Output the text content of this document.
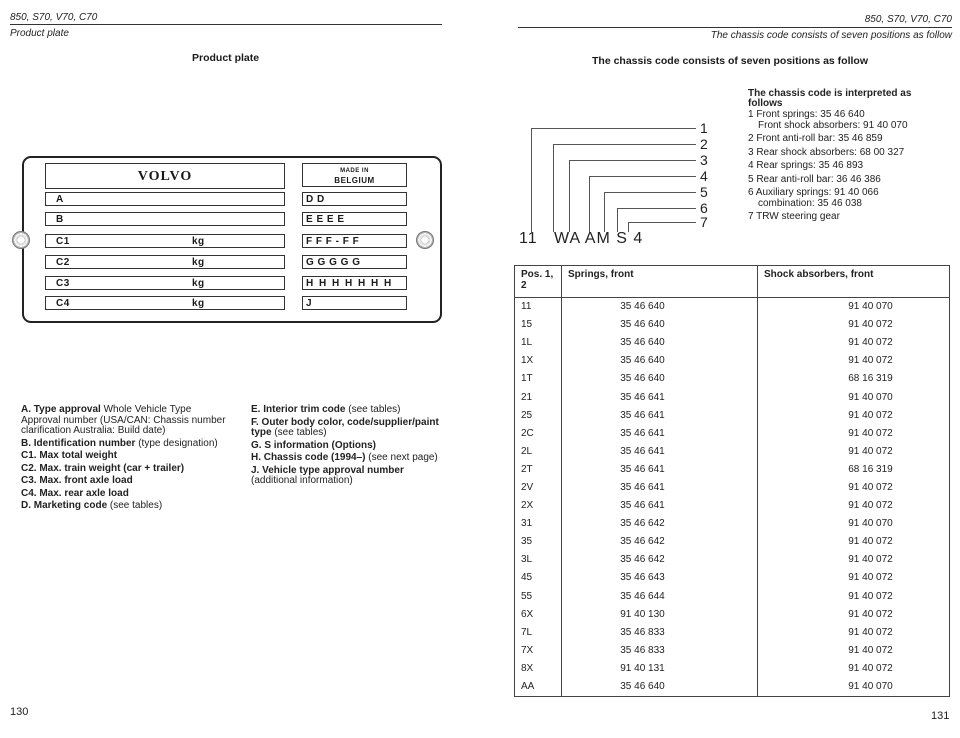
850, S70, V70, C70
Product plate
Product plate
VOLVO	MADE IN
BELGIUM
A
B
C1	kg
C2	kg
C3	kg
C4	kg
D D
E E E E
F F F - F F
G G G G G
H H H H H H H
J

A. Type approval Whole Vehicle Type Approval number (USA/CAN: Chassis number clarification Australia: Build date)

B. Identification number (type designation)

C1. Max total weight

C2. Max. train weight (car + trailer)

C3. Max. front axle load

C4. Max. rear axle load

D. Marketing code (see tables)

E. Interior trim code (see tables)

F. Outer body color, code/supplier/paint type (see tables)

G. S information (Options)

H. Chassis code (1994–) (see next page)

J. Vehicle type approval number (additional information)

130
850, S70, V70, C70
The chassis code consists of seven positions as follow
The chassis code consists of seven positions as follow
1
2
3
4
5
6
7
11   WA AM S 4
The chassis code is interpreted as follows
1 Front springs: 35 46 640
Front shock absorbers: 91 40 070
2 Front anti-roll bar: 35 46 859
3 Rear shock absorbers: 68 00 327
4 Rear springs: 35 46 893
5 Rear anti-roll bar: 36 46 386
6 Auxiliary springs: 91 40 066
combination: 35 46 038
7 TRW steering gear
Pos. 1, 2	Springs, front	Shock absorbers, front
11	35 46 640	91 40 070
15	35 46 640	91 40 072
1L	35 46 640	91 40 072
1X	35 46 640	91 40 072
1T	35 46 640	68 16 319
21	35 46 641	91 40 070
25	35 46 641	91 40 072
2C	35 46 641	91 40 072
2L	35 46 641	91 40 072
2T	35 46 641	68 16 319
2V	35 46 641	91 40 072
2X	35 46 641	91 40 072
31	35 46 642	91 40 070
35	35 46 642	91 40 072
3L	35 46 642	91 40 072
45	35 46 643	91 40 072
55	35 46 644	91 40 072
6X	91 40 130	91 40 072
7L	35 46 833	91 40 072
7X	35 46 833	91 40 072
8X	91 40 131	91 40 072
AA	35 46 640	91 40 070
131
